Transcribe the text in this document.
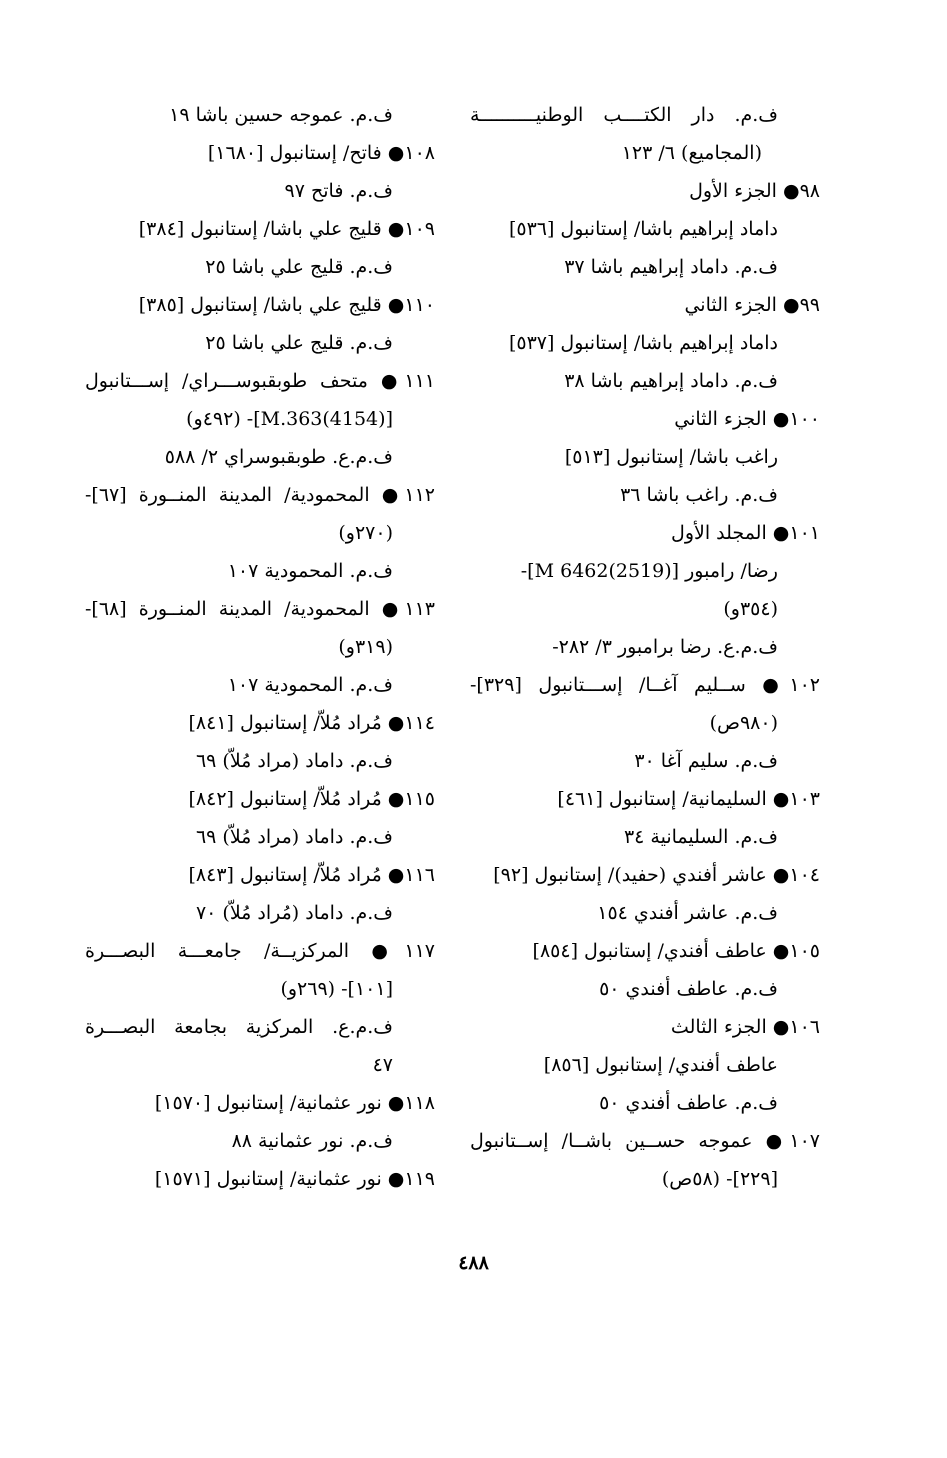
ف.م. دار الكتــــب الوطنيــــــــــة
(المجاميع) ٦/ ١٢٣
٩٨● الجزء الأول
داماد إبراهيم باشا/ إستانبول [٥٣٦]
ف.م. داماد إبراهيم باشا ٣٧
٩٩● الجزء الثاني
داماد إبراهيم باشا/ إستانبول [٥٣٧]
ف.م. داماد إبراهيم باشا ٣٨
١٠٠● الجزء الثاني
راغب باشا/ إستانبول [٥١٣]
ف.م. راغب باشا ٣٦
١٠١● المجلد الأول
رضا/ رامبور [M 6462(2519)]-
(٣٥٤و)
ف.م.ع. رضا برامبور ٣/ ٢٨٢-
١٠٢● ســليم آغــا/ إســـتانبول [٣٢٩]-
(٩٨٠ص)
ف.م. سليم آغا ٣٠
١٠٣● السليمانية/ إستانبول [٤٦١]
ف.م. السليمانية ٣٤
١٠٤● عاشر أفندي (حفيد)/ إستانبول [٩٢]
ف.م. عاشر أفندي ١٥٤
١٠٥● عاطف أفندي/ إستانبول [٨٥٤]
ف.م. عاطف أفندي ٥٠
١٠٦● الجزء الثالث
عاطف أفندي/ إستانبول [٨٥٦]
ف.م. عاطف أفندي ٥٠
١٠٧● عموجه حســين باشــا/ إســتانبول
[٢٢٩]- (٥٨ص)
ف.م. عموجه حسين باشا ١٩
١٠٨● فاتح/ إستانبول [١٦٨٠]
ف.م. فاتح ٩٧
١٠٩● قليج علي باشا/ إستانبول [٣٨٤]
ف.م. قليج علي باشا ٢٥
١١٠● قليج علي باشا/ إستانبول [٣٨٥]
ف.م. قليج علي باشا ٢٥
١١١● متحف طوبقبوســـراي/ إســـتانبول
[M.363(4154)]- (٤٩٢و)
ف.م.ع. طوبقبوسراي ٢/ ٥٨٨
١١٢● المحمودية/ المدينة المنــورة [٦٧]-
(٢٧٠و)
ف.م. المحمودية ١٠٧
١١٣● المحمودية/ المدينة المنــورة [٦٨]-
(٣١٩و)
ف.م. المحمودية ١٠٧
١١٤● مُراد مُلاّ/ إستانبول [٨٤١]
ف.م. داماد (مراد مُلاّ) ٦٩
١١٥● مُراد مُلاّ/ إستانبول [٨٤٢]
ف.م. داماد (مراد مُلاّ) ٦٩
١١٦● مُراد مُلاّ/ إستانبول [٨٤٣]
ف.م. داماد (مُراد مُلاّ) ٧٠
١١٧● المركزيــة/ جامعـــة البصـــرة
[١٠١]- (٢٦٩و)
ف.م.ع. المركزية بجامعة البصـــرة
٤٧
١١٨● نور عثمانية/ إستانبول [١٥٧٠]
ف.م. نور عثمانية ٨٨
١١٩● نور عثمانية/ إستانبول [١٥٧١]
٤٨٨
